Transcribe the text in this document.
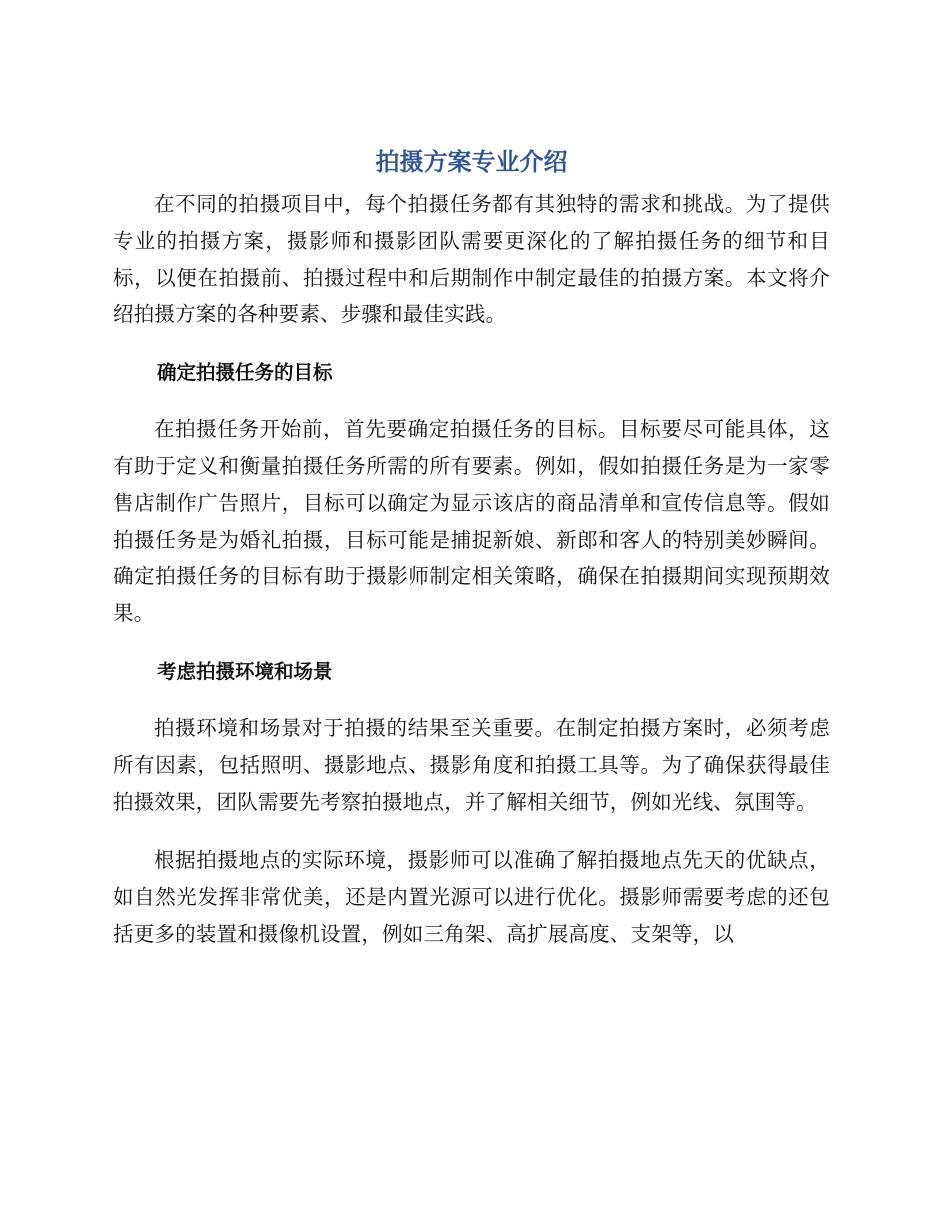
拍摄方案专业介绍

在不同的拍摄项目中，每个拍摄任务都有其独特的需求和挑战。为了提供专业的拍摄方案，摄影师和摄影团队需要更深化的了解拍摄任务的细节和目标，以便在拍摄前、拍摄过程中和后期制作中制定最佳的拍摄方案。本文将介绍拍摄方案的各种要素、步骤和最佳实践。

确定拍摄任务的目标

在拍摄任务开始前，首先要确定拍摄任务的目标。目标要尽可能具体，这有助于定义和衡量拍摄任务所需的所有要素。例如，假如拍摄任务是为一家零售店制作广告照片，目标可以确定为显示该店的商品清单和宣传信息等。假如拍摄任务是为婚礼拍摄，目标可能是捕捉新娘、新郎和客人的特别美妙瞬间。确定拍摄任务的目标有助于摄影师制定相关策略，确保在拍摄期间实现预期效果。

考虑拍摄环境和场景

拍摄环境和场景对于拍摄的结果至关重要。在制定拍摄方案时，必须考虑所有因素，包括照明、摄影地点、摄影角度和拍摄工具等。为了确保获得最佳拍摄效果，团队需要先考察拍摄地点，并了解相关细节，例如光线、氛围等。

根据拍摄地点的实际环境，摄影师可以准确了解拍摄地点先天的优缺点，如自然光发挥非常优美，还是内置光源可以进行优化。摄影师需要考虑的还包括更多的装置和摄像机设置，例如三角架、高扩展高度、支架等，以
